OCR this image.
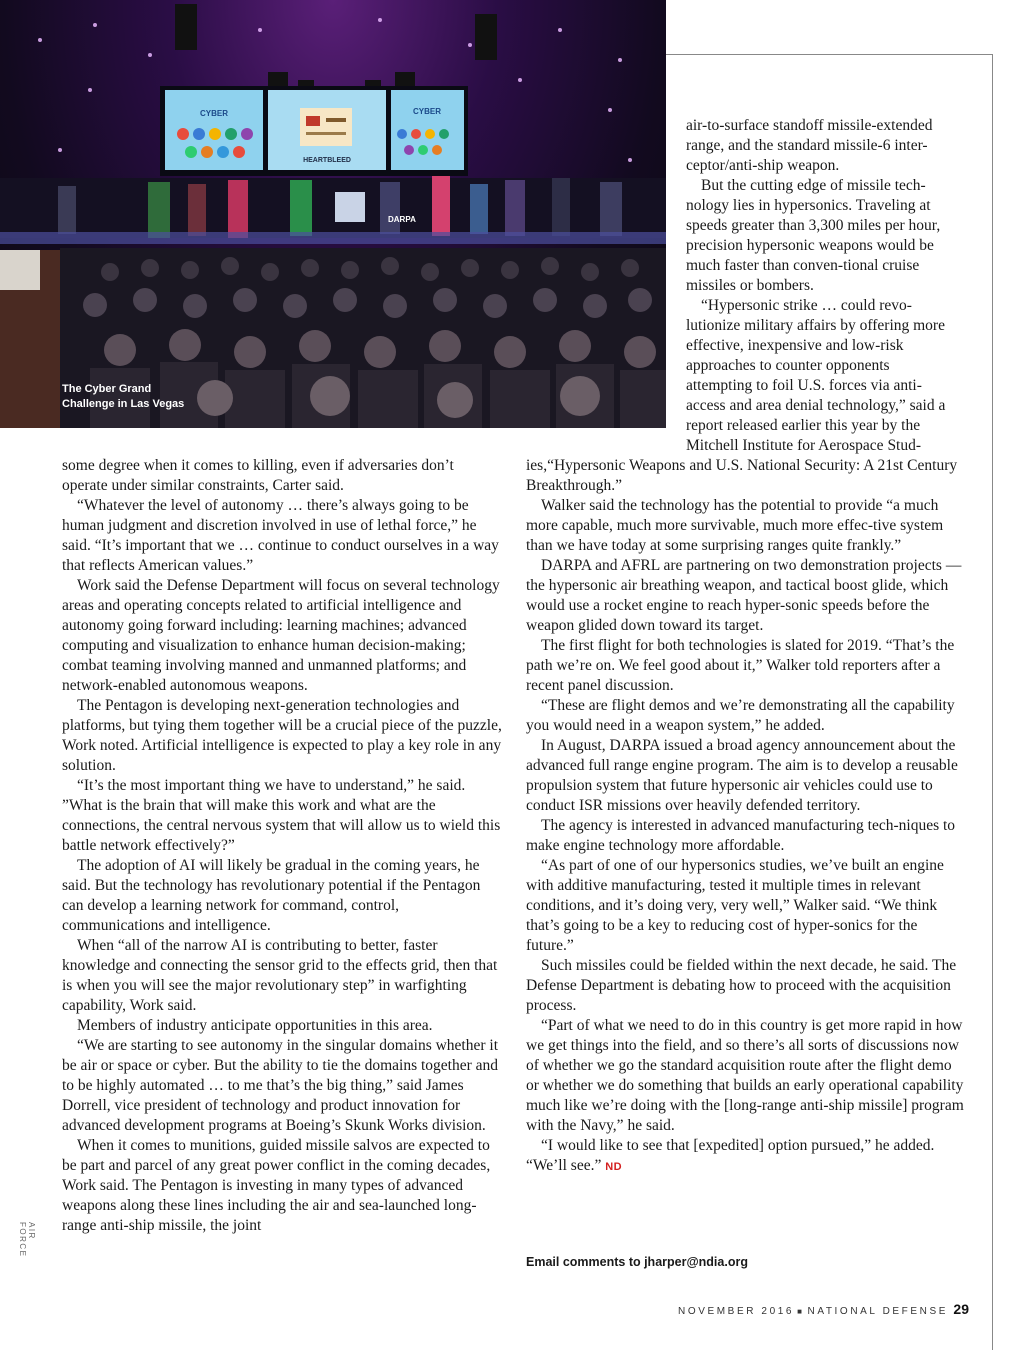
CYBER
HEARTBLEED
CYBER
DARPA
The Cyber Grand
Challenge in Las Vegas

air-to-surface standoff missile-extended range, and the standard missile-6 inter-ceptor/anti-ship weapon.

But the cutting edge of missile tech-nology lies in hypersonics. Traveling at speeds greater than 3,300 miles per hour, precision hypersonic weapons would be much faster than conven-tional cruise missiles or bombers.

“Hypersonic strike … could revo-lutionize military affairs by offering more effective, inexpensive and low-risk approaches to counter opponents attempting to foil U.S. forces via anti-access and area denial technology,” said a report released earlier this year by the Mitchell Institute for Aerospace Stud-

some degree when it comes to killing, even if adversaries don’t operate under similar constraints, Carter said.

“Whatever the level of autonomy … there’s always going to be human judgment and discretion involved in use of lethal force,” he said. “It’s important that we … continue to conduct ourselves in a way that reflects American values.”

Work said the Defense Department will focus on several technology areas and operating concepts related to artificial intelligence and autonomy going forward including: learning machines; advanced computing and visualization to enhance human decision-making; combat teaming involving manned and unmanned platforms; and network-enabled autonomous weapons.

The Pentagon is developing next-generation technologies and platforms, but tying them together will be a crucial piece of the puzzle, Work noted. Artificial intelligence is expected to play a key role in any solution.

“It’s the most important thing we have to understand,” he said. ”What is the brain that will make this work and what are the connections, the central nervous system that will allow us to wield this battle network effectively?”

The adoption of AI will likely be gradual in the coming years, he said. But the technology has revolutionary potential if the Pentagon can develop a learning network for command, control, communications and intelligence.

When “all of the narrow AI is contributing to better, faster knowledge and connecting the sensor grid to the effects grid, then that is when you will see the major revolutionary step” in warfighting capability, Work said.

Members of industry anticipate opportunities in this area.

“We are starting to see autonomy in the singular domains whether it be air or space or cyber. But the ability to tie the domains together and to be highly automated … to me that’s the big thing,” said James Dorrell, vice president of technology and product innovation for advanced development programs at Boeing’s Skunk Works division.

When it comes to munitions, guided missile salvos are expected to be part and parcel of any great power conflict in the coming decades, Work said. The Pentagon is investing in many types of advanced weapons along these lines including the air and sea-launched long-range anti-ship missile, the joint

ies,“Hypersonic Weapons and U.S. National Security: A 21st Century Breakthrough.”

Walker said the technology has the potential to provide “a much more capable, much more survivable, much more effec-tive system than we have today at some surprising ranges quite frankly.”

DARPA and AFRL are partnering on two demonstration projects — the hypersonic air breathing weapon, and tactical boost glide, which would use a rocket engine to reach hyper-sonic speeds before the weapon glided down toward its target.

The first flight for both technologies is slated for 2019. “That’s the path we’re on. We feel good about it,” Walker told reporters after a recent panel discussion.

“These are flight demos and we’re demonstrating all the capability you would need in a weapon system,” he added.

In August, DARPA issued a broad agency announcement about the advanced full range engine program. The aim is to develop a reusable propulsion system that future hypersonic air vehicles could use to conduct ISR missions over heavily defended territory.

The agency is interested in advanced manufacturing tech-niques to make engine technology more affordable.

“As part of one of our hypersonics studies, we’ve built an engine with additive manufacturing, tested it multiple times in relevant conditions, and it’s doing very, very well,” Walker said. “We think that’s going to be a key to reducing cost of hyper-sonics for the future.”

Such missiles could be fielded within the next decade, he said. The Defense Department is debating how to proceed with the acquisition process.

“Part of what we need to do in this country is get more rapid in how we get things into the field, and so there’s all sorts of discussions now of whether we go the standard acquisition route after the flight demo or whether we do something that builds an early operational capability much like we’re doing with the [long-range anti-ship missile] program with the Navy,” he said.

“I would like to see that [expedited] option pursued,” he added. “We’ll see.” ND

Email comments to jharper@ndia.org
AIR FORCE
NOVEMBER 2016 ■ NATIONAL DEFENSE 29
